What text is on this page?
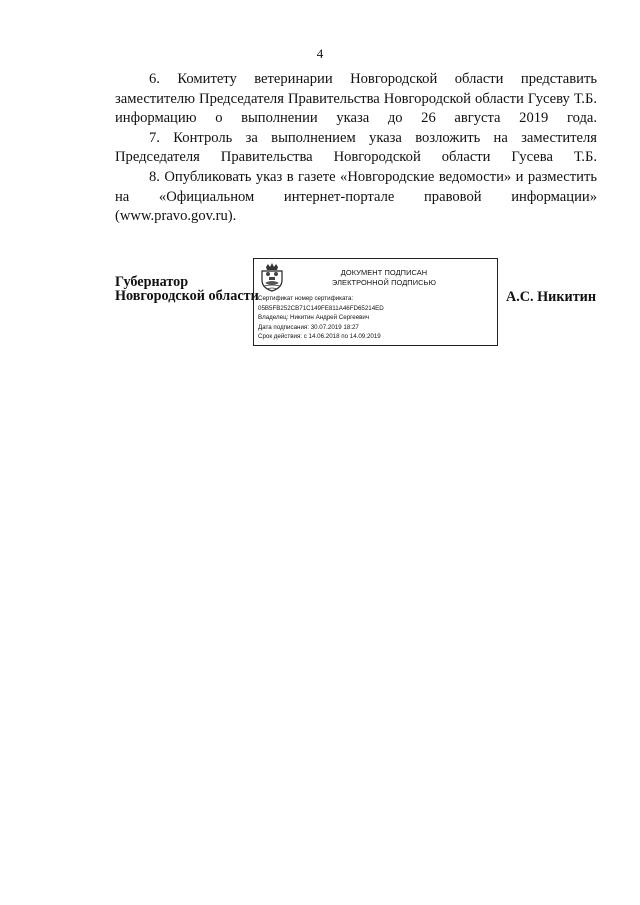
4

6. Комитету ветеринарии Новгородской области представить заместителю Председателя Правительства Новгородской области Гусеву Т.Б. информацию о выполнении указа до 26 августа 2019 года.

7. Контроль за выполнением указа возложить на заместителя Председателя Правительства Новгородской области Гусева Т.Б.

8. Опубликовать указ в газете «Новгородские ведомости» и разместить на «Официальном интернет-портале правовой информации» (www.pravo.gov.ru).

Губернатор
Новгородской области
ДОКУМЕНТ ПОДПИСАН
ЭЛЕКТРОННОЙ ПОДПИСЬЮ
Сертификат номер сертификата:
05B5FB252CB71C149FE811A46FD65214ED
Владелец: Никитин Андрей Сергеевич
Дата подписания: 30.07.2019 18:27
Срок действия: с 14.06.2018 по 14.09.2019
А.С. Никитин
